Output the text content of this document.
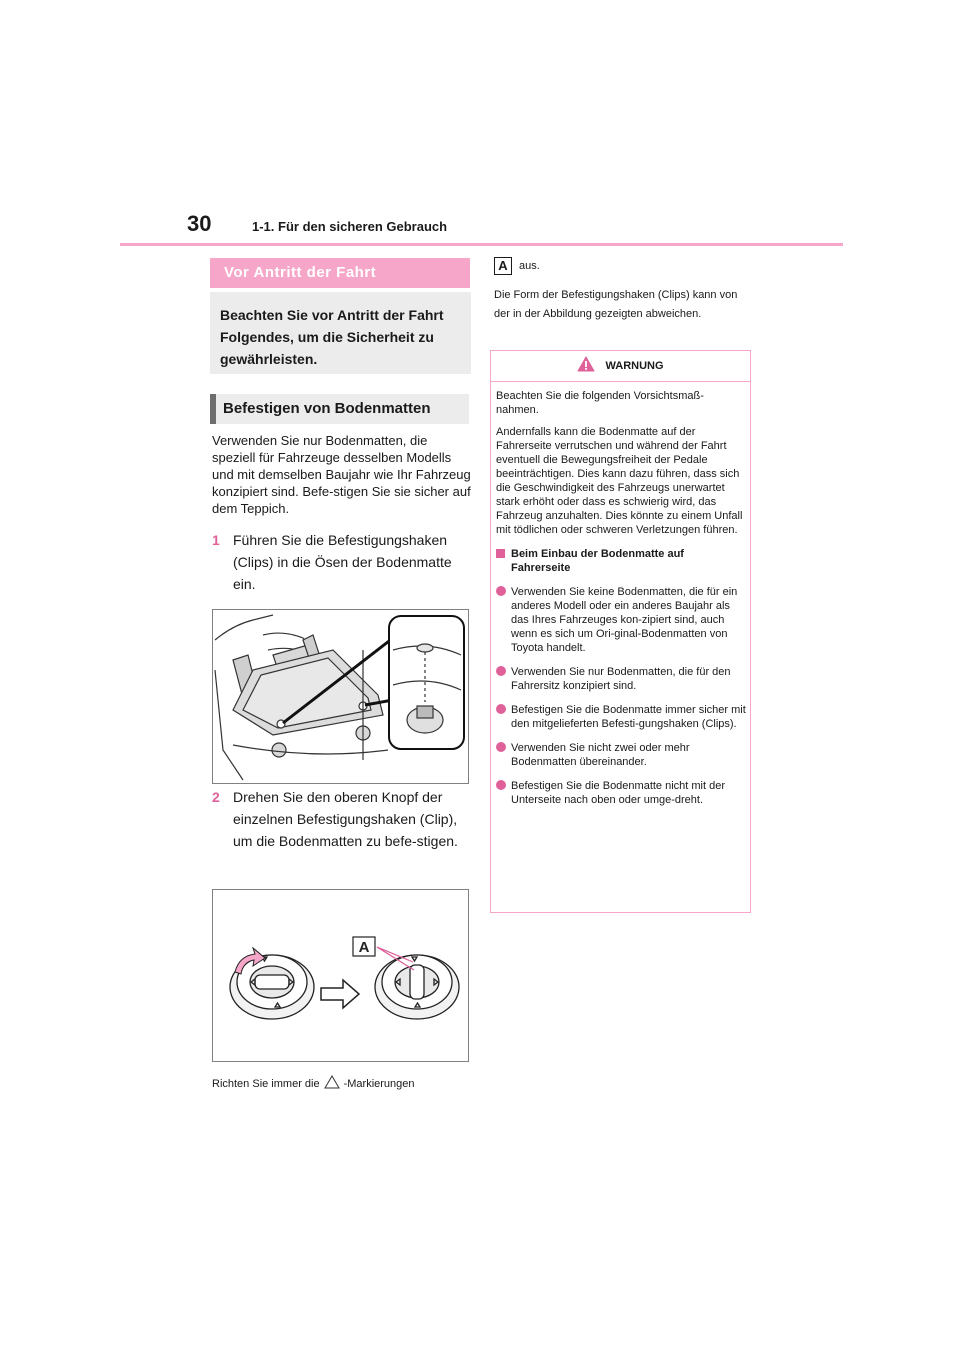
30	1-1. Für den sicheren Gebrauch
Vor Antritt der Fahrt
Beachten Sie vor Antritt der Fahrt Folgendes, um die Sicherheit zu gewährleisten.
Befestigen von Bodenmatten
Verwenden Sie nur Bodenmatten, die speziell für Fahrzeuge desselben Modells und mit demselben Baujahr wie Ihr Fahrzeug konzipiert sind. Befe-stigen Sie sie sicher auf dem Teppich.
1 Führen Sie die Befestigungshaken (Clips) in die Ösen der Bodenmatte ein.
2 Drehen Sie den oberen Knopf der einzelnen Befestigungshaken (Clip), um die Bodenmatten zu befe-stigen.
A
Richten Sie immer die -Markierungen
A	aus.
Die Form der Befestigungshaken (Clips) kann von der in der Abbildung gezeigten abweichen.
WARNUNG

Beachten Sie die folgenden Vorsichtsmaß-nahmen.

Andernfalls kann die Bodenmatte auf der Fahrerseite verrutschen und während der Fahrt eventuell die Bewegungsfreiheit der Pedale beeinträchtigen. Dies kann dazu führen, dass sich die Geschwindigkeit des Fahrzeugs unerwartet stark erhöht oder dass es schwierig wird, das Fahrzeug anzuhalten. Dies könnte zu einem Unfall mit tödlichen oder schweren Verletzungen führen.

Beim Einbau der Bodenmatte auf Fahrerseite
Verwenden Sie keine Bodenmatten, die für ein anderes Modell oder ein anderes Baujahr als das Ihres Fahrzeuges kon-zipiert sind, auch wenn es sich um Ori-ginal-Bodenmatten von Toyota handelt.
Verwenden Sie nur Bodenmatten, die für den Fahrersitz konzipiert sind.
Befestigen Sie die Bodenmatte immer sicher mit den mitgelieferten Befesti-gungshaken (Clips).
Verwenden Sie nicht zwei oder mehr Bodenmatten übereinander.
Befestigen Sie die Bodenmatte nicht mit der Unterseite nach oben oder umge-dreht.
